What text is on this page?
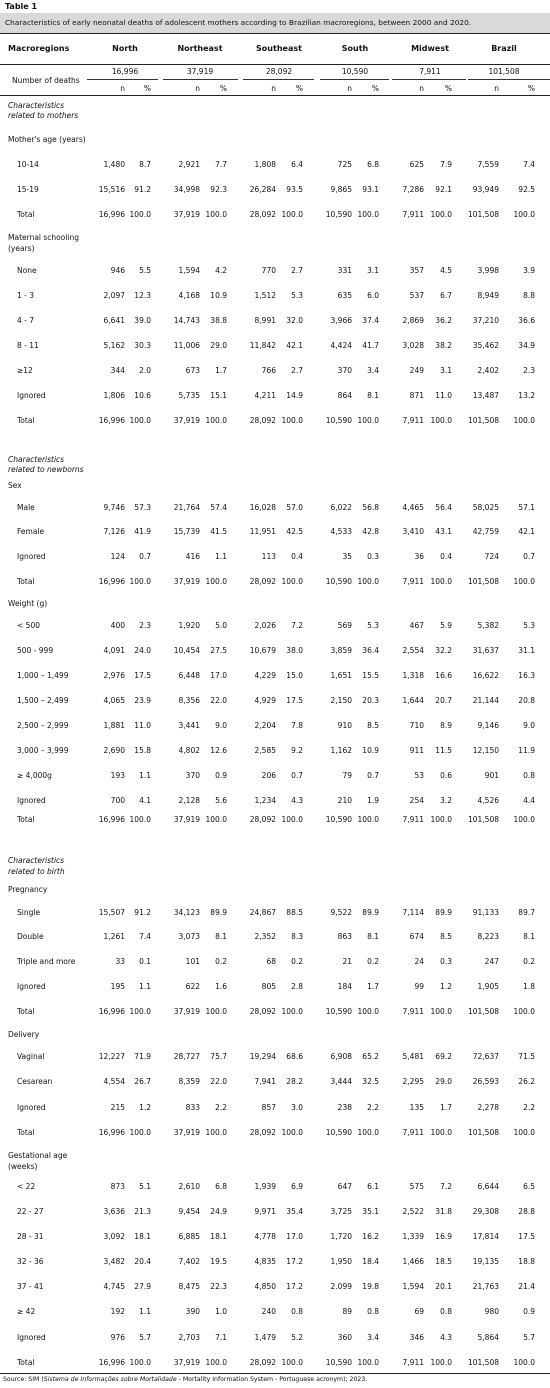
Table 1
Characteristics of early neonatal deaths of adolescent mothers according to Brazilian macroregions, between 2000 and 2020.
Macroregions	North	Northeast	Southeast	South	Midwest	Brazil
Number of deaths
16,996	37,919	28,092	10,590	7,911	101,508
n	%	n	%	n	%	n	%	n	%	n	%
Characteristics
related to mothers
Mother's age (years)
10-14	1,480 8.7	2,921 7.7	1,808 6.4	725 6.8	625 7.9	7,559	7.4
15-19	15,516 91.2	34,998 92.3	26,284 93.5	9,865 93.1	7,286 92.1	93,949	92.5
Total	16,996 100.0	37,919 100.0	28,092 100.0	10,590 100.0	7,911 100.0 101,508 100.0
Maternal schooling
(years)
None	946 5.5	1,594 4.2	770 2.7	331 3.1	357 4.5	3,998	3.9
1 - 3	2,097 12.3	4,168 10.9	1,512 5.3	635 6.0	537 6.7	8,949	8.8
4 - 7	6,641 39.0	14,743 38.8	8,991 32.0	3,966 37.4	2,869 36.2	37,210	36.6
8 - 11	5,162 30.3	11,006 29.0	11,842 42.1	4,424 41.7	3,028 38.2	35,462	34.9
≥12	344 2.0	673 1.7	766 2.7	370 3.4	249 3.1	2,402	2.3
Ignored	1,806 10.6	5,735 15.1	4,211 14.9	864 8.1	871 11.0	13,487	13.2
Total	16,996 100.0	37,919 100.0	28,092 100.0	10,590 100.0	7,911 100.0 101,508 100.0
Characteristics
related to newborns
Sex
Male	9,746 57.3	21,764 57.4	16,028 57.0	6,022 56.8	4,465 56.4	58,025	57.1
Female	7,126 41.9	15,739 41.5	11,951 42.5	4,533 42.8	3,410 43.1	42,759	42.1
Ignored	124 0.7	416 1.1	113 0.4	35 0.3	36 0.4	724	0.7
Total	16,996 100.0	37,919 100.0	28,092 100.0	10,590 100.0	7,911 100.0 101,508 100.0
Weight (g)
< 500	400 2.3	1,920 5.0	2,026 7.2	569 5.3	467 5.9	5,382	5.3
500 - 999	4,091 24.0	10,454 27.5	10,679 38.0	3,859 36.4	2,554 32.2	31,637	31.1
1,000 – 1,499	2,976 17.5	6,448 17.0	4,229 15.0	1,651 15.5	1,318 16.6	16,622	16.3
1,500 – 2,499	4,065 23.9	8,356 22.0	4,929 17.5	2,150 20.3	1,644 20.7	21,144	20.8
2,500 – 2,999	1,881 11.0	3,441 9.0	2,204 7.8	910 8.5	710 8.9	9,146	9.0
3,000 – 3,999	2,690 15.8	4,802 12.6	2,585 9.2	1,162 10.9	911 11.5	12,150	11.9
≥ 4,000g	193 1.1	370 0.9	206 0.7	79 0.7	53 0.6	901	0.8
Ignored	700 4.1	2,128 5.6	1,234 4.3	210 1.9	254 3.2	4,526	4.4
Total	16,996 100.0	37,919 100.0	28,092 100.0	10,590 100.0	7,911 100.0 101,508 100.0
Characteristics
related to birth
Pregnancy
Single	15,507 91.2	34,123 89.9	24,867 88.5	9,522 89.9	7,114 89.9	91,133	89.7
Double	1,261 7.4	3,073 8.1	2,352 8.3	863 8.1	674 8.5	8,223	8.1
Triple and more	33 0.1	101 0.2	68 0.2	21 0.2	24 0.3	247	0.2
Ignored	195 1.1	622 1.6	805 2.8	184 1.7	99 1.2	1,905	1.8
Total	16,996 100.0	37,919 100.0	28,092 100.0	10,590 100.0	7,911 100.0 101,508 100.0
Delivery
Vaginal	12,227 71.9	28,727 75.7	19,294 68.6	6,908 65.2	5,481 69.2	72,637	71.5
Cesarean	4,554 26.7	8,359 22.0	7,941 28.2	3,444 32.5	2,295 29.0	26,593	26.2
Ignored	215 1.2	833 2.2	857 3.0	238 2.2	135 1.7	2,278	2.2
Total	16,996 100.0	37,919 100.0	28,092 100.0	10,590 100.0	7,911 100.0 101,508 100.0
Gestational age
(weeks)
< 22	873 5.1	2,610 6.8	1,939 6.9	647 6.1	575 7.2	6,644	6.5
22 - 27	3,636 21.3	9,454 24.9	9,971 35.4	3,725 35.1	2,522 31.8	29,308	28.8
28 - 31	3,092 18.1	6,885 18.1	4,778 17.0	1,720 16.2	1,339 16.9	17,814	17.5
32 - 36	3,482 20.4	7,402 19.5	4,835 17.2	1,950 18.4	1,466 18.5	19,135	18.8
37 - 41	4,745 27.9	8,475 22.3	4,850 17.2	2.099 19.8	1,594 20.1	21,763	21.4
≥ 42	192 1.1	390 1.0	240 0.8	89 0.8	69 0.8	980	0.9
Ignored	976 5.7	2,703 7.1	1,479 5.2	360 3.4	346 4.3	5,864	5.7
Total	16,996 100.0	37,919 100.0	28,092 100.0	10,590 100.0	7,911 100.0 101,508 100.0
Source: SIM (Sistema de Informações sobre Mortalidade - Mortality Information System - Portuguese acronym); 2023.
